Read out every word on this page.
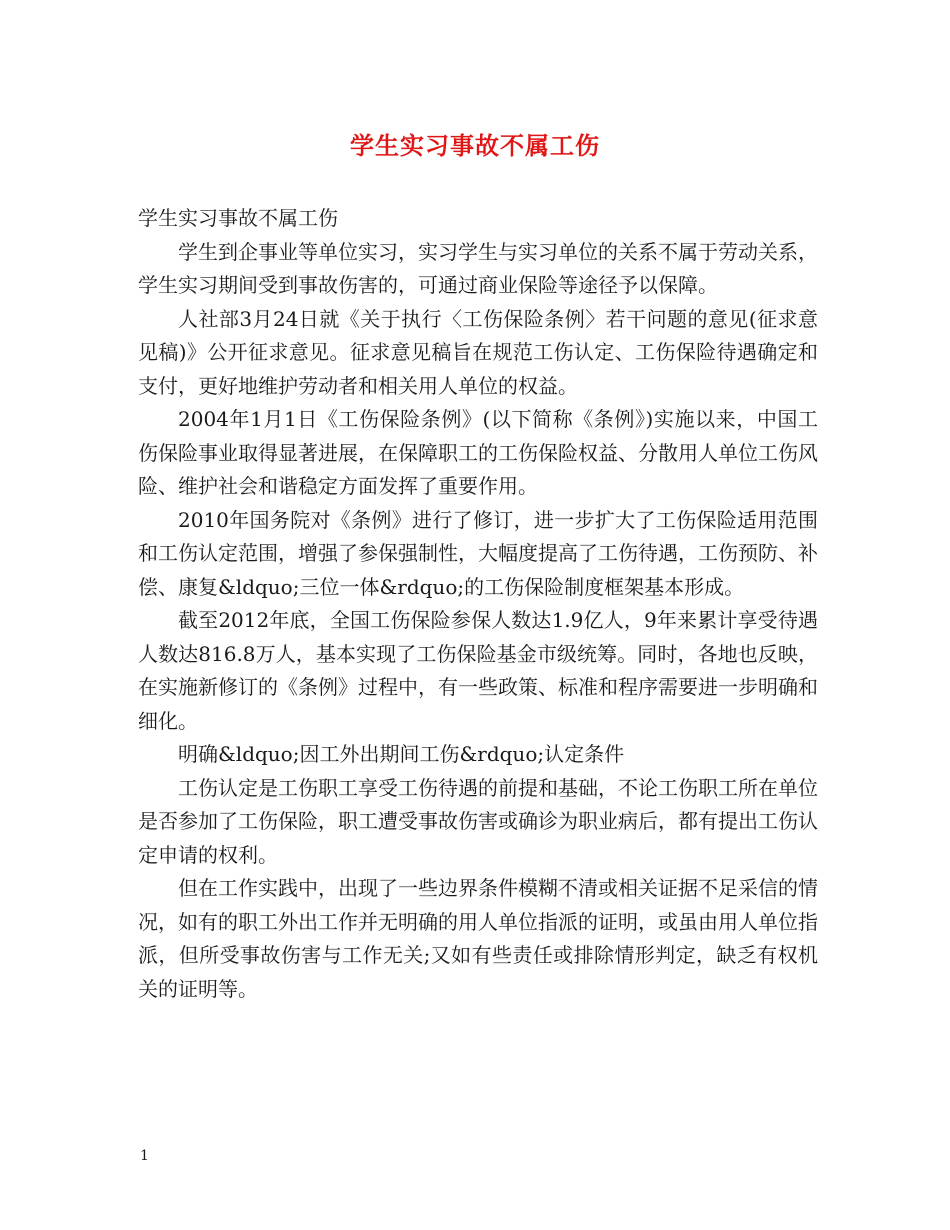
学生实习事故不属工伤

学生实习事故不属工伤

学生到企事业等单位实习，实习学生与实习单位的关系不属于劳动关系，学生实习期间受到事故伤害的，可通过商业保险等途径予以保障。

人社部3月24日就《关于执行〈工伤保险条例〉若干问题的意见(征求意见稿)》公开征求意见。征求意见稿旨在规范工伤认定、工伤保险待遇确定和支付，更好地维护劳动者和相关用人单位的权益。

2004年1月1日《工伤保险条例》(以下简称《条例》)实施以来，中国工伤保险事业取得显著进展，在保障职工的工伤保险权益、分散用人单位工伤风险、维护社会和谐稳定方面发挥了重要作用。

2010年国务院对《条例》进行了修订，进一步扩大了工伤保险适用范围和工伤认定范围，增强了参保强制性，大幅度提高了工伤待遇，工伤预防、补偿、康复&ldquo;三位一体&rdquo;的工伤保险制度框架基本形成。

截至2012年底，全国工伤保险参保人数达1.9亿人，9年来累计享受待遇人数达816.8万人，基本实现了工伤保险基金市级统筹。同时，各地也反映，在实施新修订的《条例》过程中，有一些政策、标准和程序需要进一步明确和细化。

明确&ldquo;因工外出期间工伤&rdquo;认定条件

工伤认定是工伤职工享受工伤待遇的前提和基础，不论工伤职工所在单位是否参加了工伤保险，职工遭受事故伤害或确诊为职业病后，都有提出工伤认定申请的权利。

但在工作实践中，出现了一些边界条件模糊不清或相关证据不足采信的情况，如有的职工外出工作并无明确的用人单位指派的证明，或虽由用人单位指派，但所受事故伤害与工作无关;又如有些责任或排除情形判定，缺乏有权机关的证明等。

1
